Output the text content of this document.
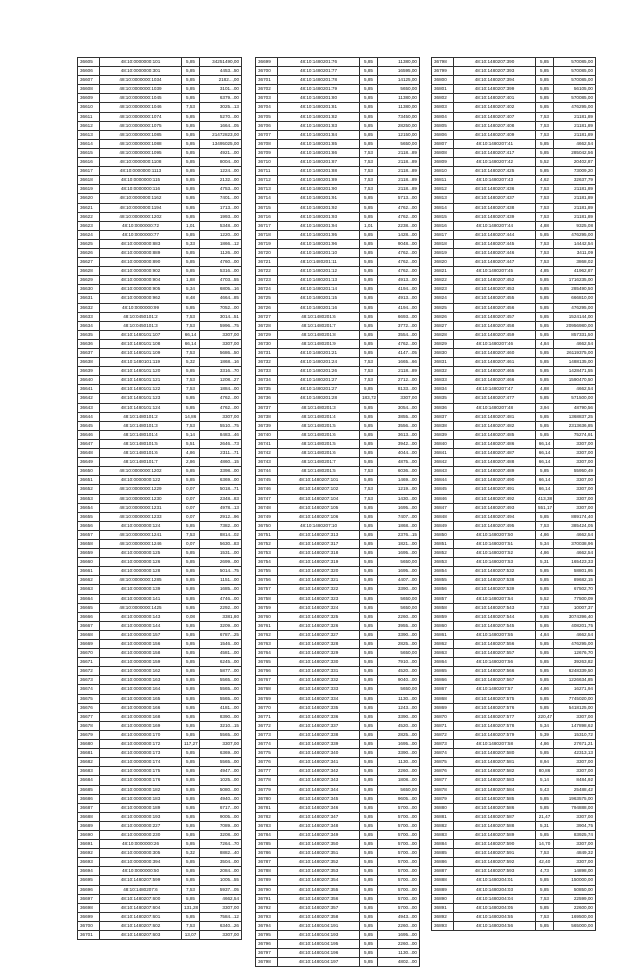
36605	48:10:0000000:101	5,85	34251490,00
36606	48:10:0000000:301	5,85	4453...50
36607	48:10:0000000:1034	5,85	2182...,00
36608	48:10:0000000:1039	5,85	3101...00
36609	48:10:0000000:1045	5,85	6379...00
36610	48:10:0000000:1046	7,53	3025...13
36611	48:10:0000000:1074	5,85	5270...00
36612	48:10:0000000:1075	5,85	1664...05
36613	48:10:0000000:1085	5,85	21472823,00
36614	48:10:0000000:1088	5,85	13495025,00
36615	48:10:0000000:1095	5,85	4921...00
36616	48:10:0000000:1108	5,85	8004...00
36617	48:10:0000000:1113	5,85	1224...00
36618	48:10:0000000:115	5,85	2132...00
36619	48:10:0000000:116	5,85	4753...00
36620	48:10:0000000:1162	5,85	7401...00
36621	48:10:0000000:1194	5,85	1713...00
36622	48:10:0000000:1202	5,85	1993...00
36623	48:10:0000000:72	1,01	5348...00
36624	48:10:0000000:77	5,85	1220...00
36625	48:10:0000000:883	5,33	1866...12
36626	48:10:0000000:889	5,85	1126...00
36627	48:10:0000000:890	5,85	4760...00
36628	48:10:0000000:902	5,85	5316...00
36629	48:10:0000000:904	1,88	4703...55
36630	48:10:0000000:905	5,34	6805...16
36631	48:10:0000000:962	8,48	4664...85
36632	48:10:0000000:99	5,85	7052...00
36633	48:10:0450101:2	7,53	3014...51
36634	48:10:0450101:3	7,53	5996...75
36635	48:10:1480101:107	66,14	3307,00
36636	48:10:1480101:108	66,14	3307,00
36637	48:10:1480101:109	7,53	5686...50
36638	48:10:1480101:119	5,32	1868...16
36639	48:10:1480101:120	5,85	3316...70
36640	48:10:1480101:121	7,53	1208...27
36641	48:10:1480101:122	7,53	1884...00
36642	48:10:1480101:123	5,85	4762...00
36643	48:10:1480101:124	5,85	4762...00
36644	48:10:1480101:2	14,86	3307,00
36645	48:10:1480101:3	7,53	5510...75
36646	48:10:1480101:4	5,14	8483...46
36647	48:10:1480101:5	5,51	2646...73
36648	48:10:1480101:6	4,86	2311...71
36649	48:10:1480101:7	2,86	4860...15
36650	48:10:0000000:1202	5,85	3398...00
36651	48:10:0000000:122	5,85	6369...00
36652	48:10:0000000:1229	0,07	5018...71
36653	48:10:0000000:1230	0,07	2348...83
36654	48:10:0000000:1231	0,07	4978...13
36655	48:10:0000000:1233	0,07	2912...96
36656	48:10:0000000:124	5,85	7382...00
36657	48:10:0000000:1241	7,53	8814...02
36658	48:10:0000000:1246	0,07	5630...83
36659	48:10:0000000:125	5,85	1531...00
36660	48:10:0000000:126	5,85	2699...00
36661	48:10:0000000:128	5,85	5014...75
36662	48:10:0000000:1285	5,85	1151...00
36663	48:10:0000000:139	5,85	1685...00
36664	48:10:0000000:141	5,85	4746...00
36665	48:10:0000000:1425	5,85	2292...00
36666	48:10:0000000:143	0,08	3381,80
36667	48:10:0000000:144	5,85	3209...00
36668	48:10:0000000:157	5,85	6787...25
36669	48:10:0000000:156	5,85	1546...00
36670	48:10:0000000:158	5,85	4581...00
36671	48:10:0000000:159	5,85	6245...00
36672	48:10:0000000:162	5,85	5877...00
36673	48:10:0000000:163	5,85	5565...00
36674	48:10:0000000:164	5,85	5565...00
36675	48:10:0000000:165	5,85	5565...00
36676	48:10:0000000:166	5,85	4181...00
36677	48:10:0000000:168	5,85	8390...00
36678	48:10:0000000:169	5,85	3210...15
36679	48:10:0000000:170	5,85	5565...00
36680	48:10:0000000:172	117,27	3307,00
36681	48:10:0000000:173	5,85	6369...00
36682	48:10:0000000:174	5,85	5565...00
36683	48:10:0000000:175	5,85	4947...00
36684	48:10:0000000:176	5,85	1025...00
36685	48:10:0000000:182	5,85	5080...00
36686	48:10:0000000:183	5,85	4940...00
36687	48:10:0000000:189	5,85	6717...00
36688	48:10:0000000:193	5,85	9005...00
36689	48:10:0000000:227	5,85	7089...00
36690	48:10:0000000:230	5,85	3208...00
36691	48:10:0000000:26	5,85	7264...70
36692	48:10:0000000:305	5,32	8882...40
36693	48:10:0000000:394	5,85	3504...00
36694	48:10:0000000:50	5,85	2084...00
36695	48:10:1480207:599	5,85	1005...55
36696	48:10:1480207:6	7,53	5937...05
36697	48:10:1480207:600	5,85	4662,54
36698	48:10:1480207:604	131,28	3307,00
36699	48:10:1480207:601	5,85	7584...12
36700	48:10:1480207:602	7,53	6340...26
36701	48:10:1480207:603	13,07	3307,00
36699	48:10:1480201:76	5,85	11380,00
36700	48:10:1480201:77	5,85	16595,00
36701	48:10:1480201:78	5,85	14125,00
36702	48:10:1480201:79	5,85	5650,00
36703	48:10:1480201:80	5,85	11380,00
36704	48:10:1480201:81	5,85	11380,00
36705	48:10:1480201:82	5,85	73450,00
36706	48:10:1480201:83	5,85	28250,00
36707	48:10:1480201:84	5,85	12150,00
36708	48:10:1480201:85	5,85	5650,00
36709	48:10:1480201:86	7,53	2118...89
36710	48:10:1480201:87	7,53	2118...89
36711	48:10:1480201:88	7,53	2118...89
36712	48:10:1480201:89	7,53	2118...89
36713	48:10:1480201:90	7,53	2118...89
36714	48:10:1480201:91	5,85	5713...00
36715	48:10:1480201:92	5,85	4762...00
36716	48:10:1480201:93	5,85	4762...00
36717	48:10:1480201:94	1,01	2238...00
36718	48:10:1480201:95	5,85	1428...00
36719	48:10:1480201:96	5,85	9048...00
36720	48:10:1480201:10	5,85	4762...00
36721	48:10:1480201:11	5,85	4762...00
36722	48:10:1480201:12	5,85	4762...00
36723	48:10:1480201:13	5,85	4913...00
36724	48:10:1480201:14	5,85	4194...00
36725	48:10:1480201:15	5,85	4913...00
36726	48:10:1480201:16	5,85	4194...00
36727	48:10:1480201:6	5,85	6693...00
36728	48:10:1480201:7	5,85	3772...00
36729	48:10:1480201:8	5,85	3554...00
36730	48:10:1480201:9	5,85	4762...00
36731	48:10:1480201:21	5,85	4147...05
36732	48:10:1480201:24	7,53	1665...66
36733	48:10:1480201:26	7,53	2118...89
36734	48:10:1480201:27	7,53	2712...00
36735	48:10:1480201:27	5,85	8133...00
36736	48:10:1480201:28	183,72	3307,00
36737	48:10:1480201:3	5,85	3054...00
36738	48:10:1480201:4	5,85	3855...00
36739	48:10:1480201:5	5,85	3556...00
36740	48:10:1480201:6	5,85	3613...00
36741	48:10:1480201:5	5,85	3942...00
36742	48:10:1480201:6	5,85	4044...00
36743	48:10:1480201:7	5,85	4875...00
36744	48:10:1480201:5	7,53	6036...00
36745	48:10:1480207:101	5,85	1469...00
36746	48:10:1480207:102	7,53	1219...00
36747	48:10:1480207:104	7,53	1430...00
36748	48:10:1480207:105	5,85	1695...00
36749	48:10:1480207:106	5,85	7407...00
36750	48:10:1480207:10	5,85	1868...00
36751	48:10:1480207:313	5,85	2376...15
36752	48:10:1480207:317	5,85	1821...00
36753	48:10:1480207:318	5,85	1695...00
36754	48:10:1480207:319	5,85	5650,00
36755	48:10:1480207:320	5,85	1695...00
36756	48:10:1480207:321	5,85	4407...00
36757	48:10:1480207:322	5,85	3390...00
36758	48:10:1480207:323	5,85	5650,00
36759	48:10:1480207:324	5,85	5650,00
36760	48:10:1480207:325	5,85	2260...00
36761	48:10:1480207:326	5,85	3955...00
36762	48:10:1480207:327	5,85	3390...00
36763	48:10:1480207:328	5,85	2825...00
36764	48:10:1480207:329	5,85	5650,00
36765	48:10:1480207:330	5,85	7910...00
36766	48:10:1480207:331	5,85	4520...00
36767	48:10:1480207:332	5,85	9040...00
36768	48:10:1480207:333	5,85	5650,00
36769	48:10:1480207:334	5,85	1130...00
36770	48:10:1480207:335	5,85	1243...00
36771	48:10:1480207:336	5,85	3390...00
36772	48:10:1480207:337	5,85	4520...00
36773	48:10:1480207:338	5,85	2825...00
36774	48:10:1480207:339	5,85	1695...00
36775	48:10:1480207:340	5,85	3390...00
36776	48:10:1480207:341	5,85	1130...00
36777	48:10:1480207:342	5,85	2260...00
36778	48:10:1480207:343	5,85	1808...00
36779	48:10:1480207:344	5,85	5650,00
36780	48:10:1480207:345	5,85	9605...00
36781	48:10:1480207:346	5,85	5700...00
36782	48:10:1480207:347	5,85	5700...00
36783	48:10:1480207:348	5,85	5700...00
36784	48:10:1480207:349	5,85	5700...00
36785	48:10:1480207:350	5,85	5700...00
36786	48:10:1480207:351	5,85	5700...00
36787	48:10:1480207:352	5,85	5700...00
36788	48:10:1480207:353	5,85	5700...00
36789	48:10:1480207:354	5,85	5700...00
36790	48:10:1480207:355	5,85	5700...00
36791	48:10:1480207:356	5,85	5700...00
36792	48:10:1480207:357	5,85	5700...00
36793	48:10:1480207:358	5,85	4943...00
36794	48:10:1480104:191	5,85	2260...00
36795	48:10:1480104:193	5,85	1695...00
36796	48:10:1480104:195	5,85	2260...00
36797	48:10:1480104:196	5,85	1130...00
36798	48:10:1480104:197	5,85	4802...00
36798	48:10:1480207:390	5,85	570085,00
36799	48:10:1480207:393	5,85	570085,00
36800	48:10:1480207:394	5,85	570085,00
36801	48:10:1480207:399	5,85	56105,00
36802	48:10:1480207:401	5,85	570085,00
36803	48:10:1480207:402	5,85	476295,00
36804	48:10:1480207:407	7,53	21181,89
36805	48:10:1480207:408	7,53	21181,89
36806	48:10:1480207:409	7,53	21181,89
36807	48:10:1480207:41	5,85	4662,54
36808	48:10:1480207:417	5,85	285042,56
36809	48:10:1480207:42	5,52	20402,87
36810	48:10:1480207:425	5,85	73009,20
36811	48:10:1480207:43	4,62	32637,79
36812	48:10:1480207:436	7,53	21181,89
36813	48:10:1480207:437	7,53	21181,89
36814	48:10:1480207:438	7,53	21181,89
36815	48:10:1480207:439	7,53	21181,89
36816	48:10:1480207:44	4,88	9325,08
36817	48:10:1480207:444	5,85	476295,00
36818	48:10:1480207:445	7,53	14442,54
36819	48:10:1480207:446	7,53	3411,09
36820	48:10:1480207:447	7,53	3868,02
36821	48:10:1480207:45	4,85	41962,87
36822	48:10:1480207:452	5,85	1716235,00
36823	48:10:1480207:453	5,85	285490,50
36824	48:10:1480207:455	5,85	666810,00
36825	48:10:1480207:456	5,85	476295,00
36826	48:10:1480207:457	5,85	1524144,00
36827	48:10:1480207:458	5,85	20956980,00
36828	48:10:1480207:459	5,85	857331,50
36829	48:10:1480207:46	4,84	4662,54
36830	48:10:1480207:460	5,85	26119375,00
36831	48:10:1480207:461	5,85	1488135,00
36832	48:10:1480207:465	5,85	1428471,55
36833	48:10:1480207:466	5,85	1590470,50
36834	48:10:1480207:47	4,88	4662,54
36835	48:10:1480207:477	5,85	571500,00
36836	48:10:1480207:48	3,94	48790,56
36837	48:10:1480207:481	5,85	1368837,25
36838	48:10:1480207:482	5,85	2313636,85
36839	48:10:1480207:485	5,85	75274,91
36840	48:10:1480207:486	66,14	3307,00
36841	48:10:1480207:487	66,14	3307,00
36842	48:10:1480207:488	66,14	3307,00
36843	48:10:1480207:489	5,85	55950,49
36844	48:10:1480207:490	66,14	3307,00
36845	48:10:1480207:491	66,14	3307,00
36846	48:10:1480207:492	413,38	3307,00
36847	48:10:1480207:493	551,17	3307,00
36848	48:10:1480207:494	5,85	889174,40
36849	48:10:1480207:495	7,53	385424,05
36850	48:10:1480207:50	4,86	4662,54
36851	48:10:1480207:51	5,34	370038,96
36852	48:10:1480207:52	4,86	4662,54
36853	48:10:1480207:53	5,31	165423,33
36854	48:10:1480207:532	5,85	58801,95
36855	48:10:1480207:538	5,85	89682,15
36856	48:10:1480207:539	5,85	67502,70
36857	48:10:1480207:54	5,52	77500,09
36858	48:10:1480207:543	7,53	10007,37
36859	48:10:1480207:544	5,85	3074396,40
36860	48:10:1480207:545	5,85	408201,75
36861	48:10:1480207:55	4,84	4662,54
36862	48:10:1480207:556	5,85	476295,00
36863	48:10:1480207:557	5,85	12676,70
36864	48:10:1480207:56	5,85	39263,82
36865	48:10:1480207:566	5,85	6248339,50
36866	48:10:1480207:567	5,85	1226634,85
36867	48:10:1480207:57	4,86	16271,94
36868	48:10:1480207:575	5,85	7745020,00
36869	48:10:1480207:576	5,85	5418125,00
36870	48:10:1480207:577	220,47	3307,00
36871	48:10:1480207:578	5,34	147898,62
36872	48:10:1480207:579	5,39	15310,72
36873	48:10:1480207:58	4,86	27671,21
36874	48:10:1480207:580	5,85	42313,13
36875	48:10:1480207:581	8,94	3307,00
36876	48:10:1480207:582	80,86	3307,00
36877	48:10:1480207:583	5,14	8484,92
36878	48:10:1480207:584	5,43	25488,42
36879	48:10:1480207:585	5,85	1963575,00
36880	48:10:1480207:586	5,85	794888,00
36881	48:10:1480207:587	21,47	3307,00
36882	48:10:1480207:588	5,31	3904,75
36883	48:10:1480207:589	5,85	83925,74
36884	48:10:1480207:590	14,70	3307,00
36885	48:10:1480207:591	7,53	4849,32
36886	48:10:1480207:592	42,40	3307,00
36887	48:10:1480207:593	4,73	14898,00
36888	48:10:1480204:01	5,85	150000,00
36889	48:10:1480204:03	5,85	50850,00
36890	48:10:1480204:04	7,53	22599,00
36891	48:10:1480204:05	5,85	22600,00
36892	48:10:1480204:55	7,53	169500,00
36893	48:10:1480204:56	5,85	565000,00
